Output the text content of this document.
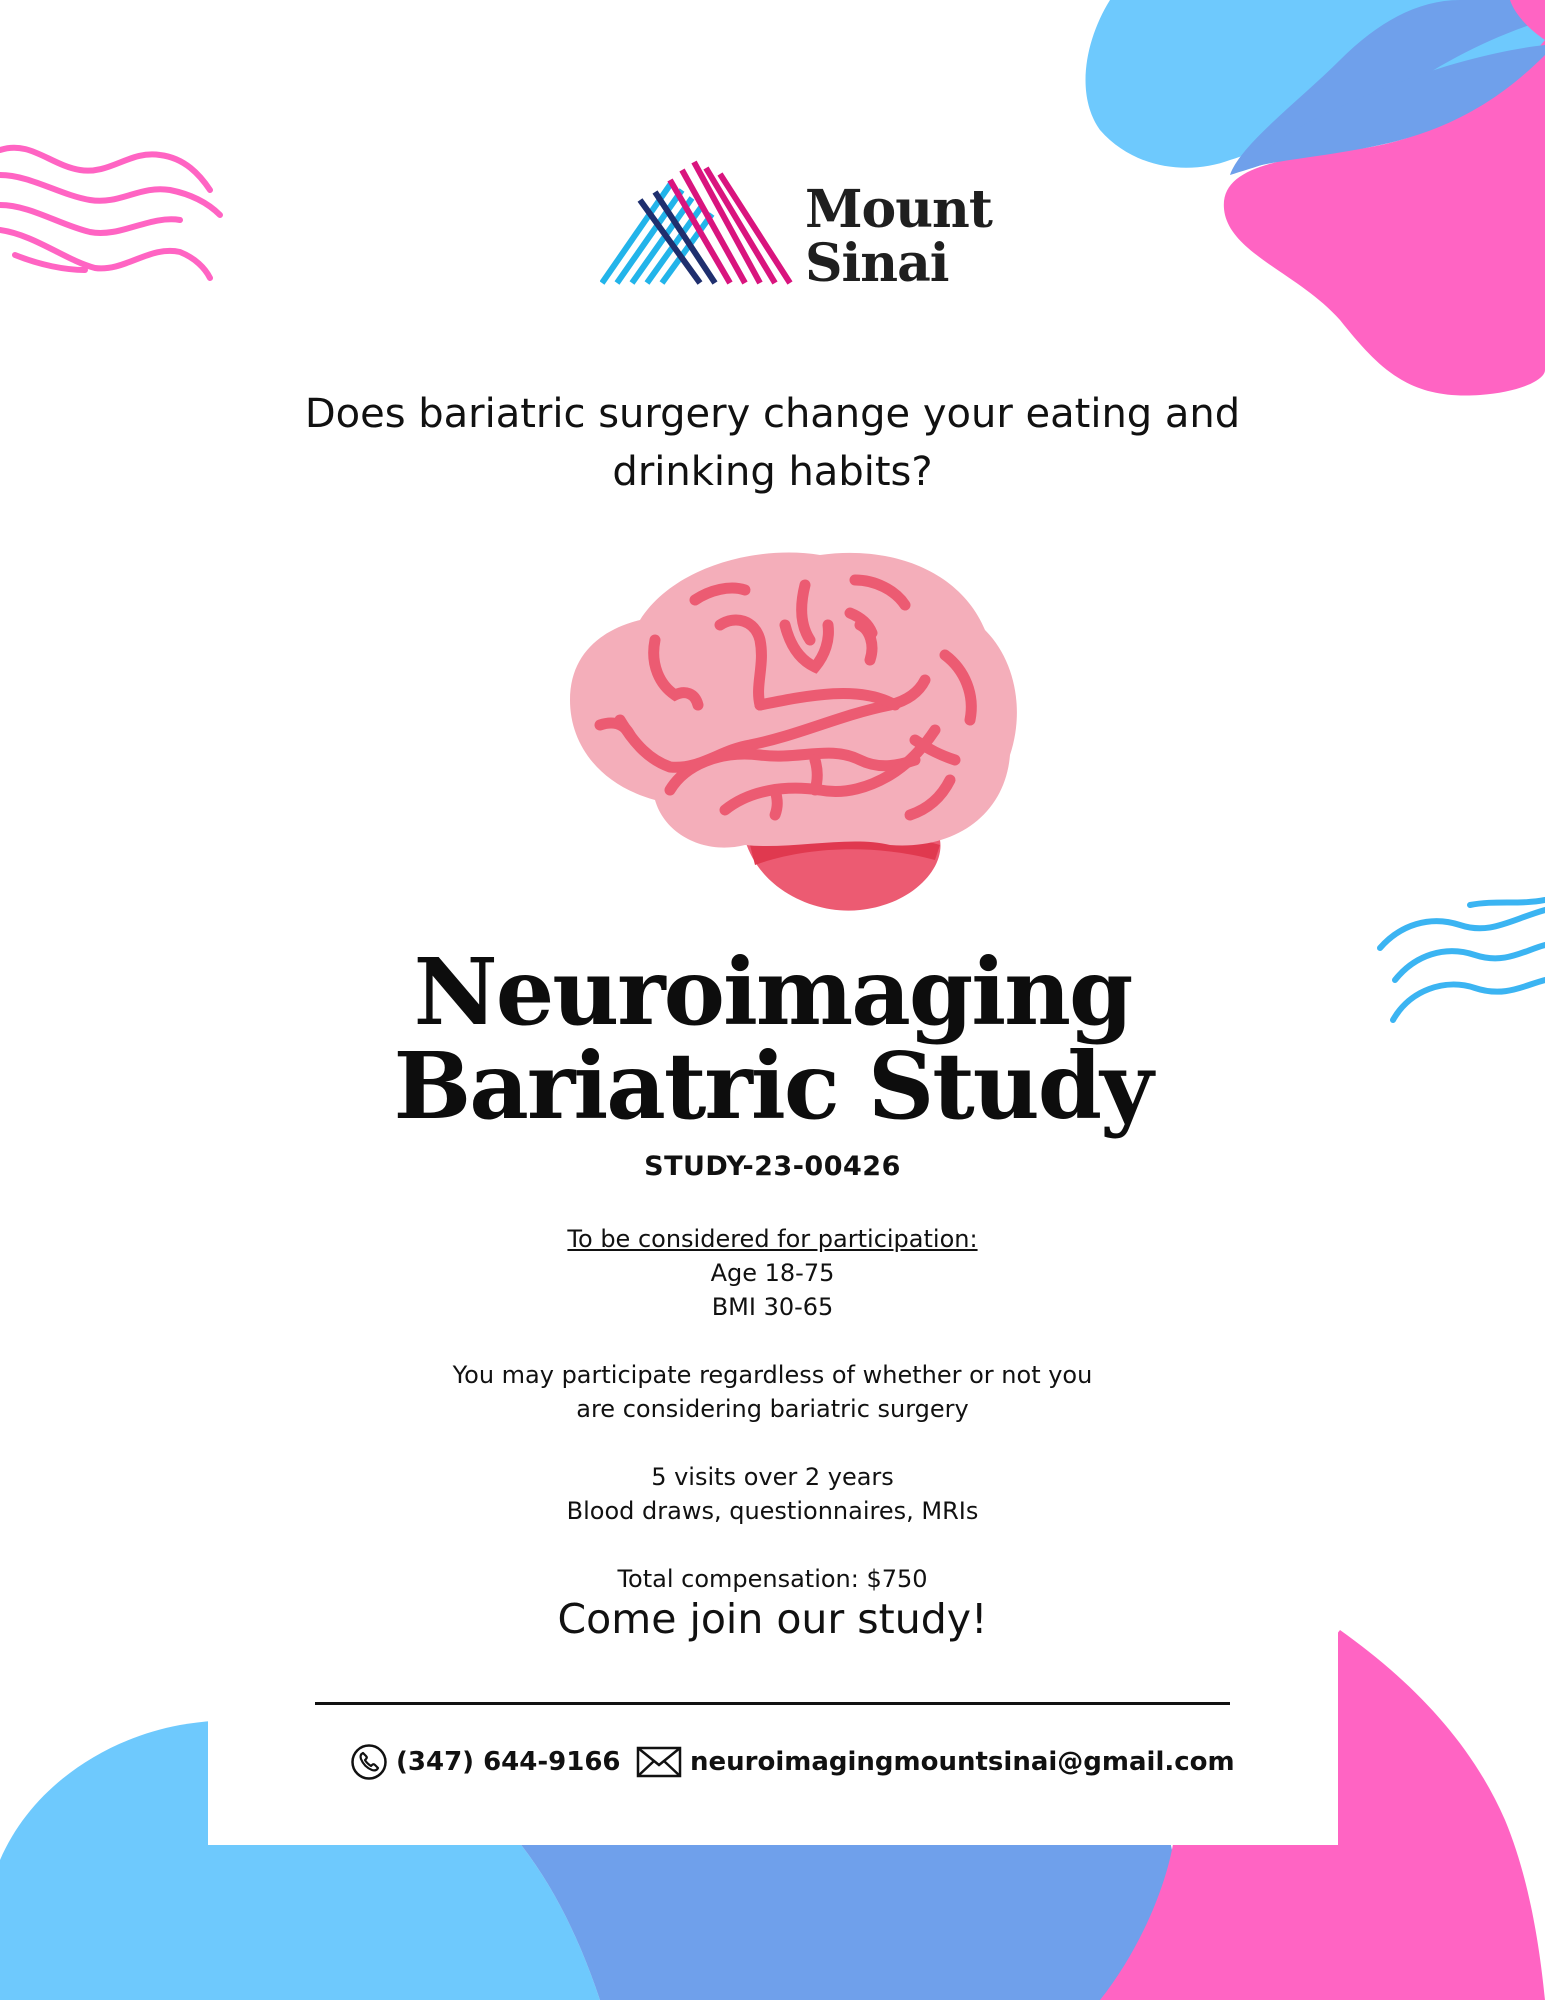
Mount
Sinai
Does bariatric surgery change your eating and
drinking habits?
Neuroimaging
Bariatric Study
STUDY-23-00426

To be considered for participation:

Age 18-75

BMI 30-65

You may participate regardless of whether or not you

are considering bariatric surgery

5 visits over 2 years

Blood draws, questionnaires, MRIs

Total compensation: $750

Come join our study!
(347) 644-9166	neuroimagingmountsinai@gmail.com
